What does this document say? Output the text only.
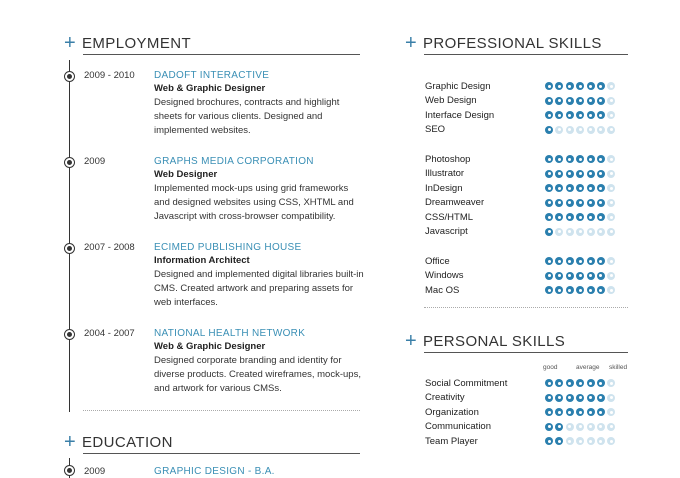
+ EMPLOYMENT
2009 - 2010 DADOFT INTERACTIVE
Web & Graphic Designer
Designed brochures, contracts and highlight sheets for various clients. Designed and implemented websites.
2009	GRAPHS MEDIA CORPORATION
Web Designer
Implemented mock-ups using grid frameworks and designed websites using CSS, XHTML and Javascript with cross-browser compatibility.
2007 - 2008 ECIMED PUBLISHING HOUSE
Information Architect
Designed and implemented digital libraries built-in CMS. Created artwork and preparing assets for web interfaces.
2004 - 2007 NATIONAL HEALTH NETWORK
Web & Graphic Designer
Designed corporate branding and identity for diverse products. Created wireframes, mock-ups, and artwork for various CMSs.
+ EDUCATION
2009	GRAPHIC DESIGN - B.A.
+ PROFESSIONAL SKILLS
Graphic Design
Web Design
Interface Design
SEO
Photoshop
Illustrator
InDesign
Dreamweaver
CSS/HTML
Javascript
Office
Windows
Mac OS
+ PERSONAL SKILLS
good	average skilled
Social Commitment
Creativity
Organization
Communication
Team Player
